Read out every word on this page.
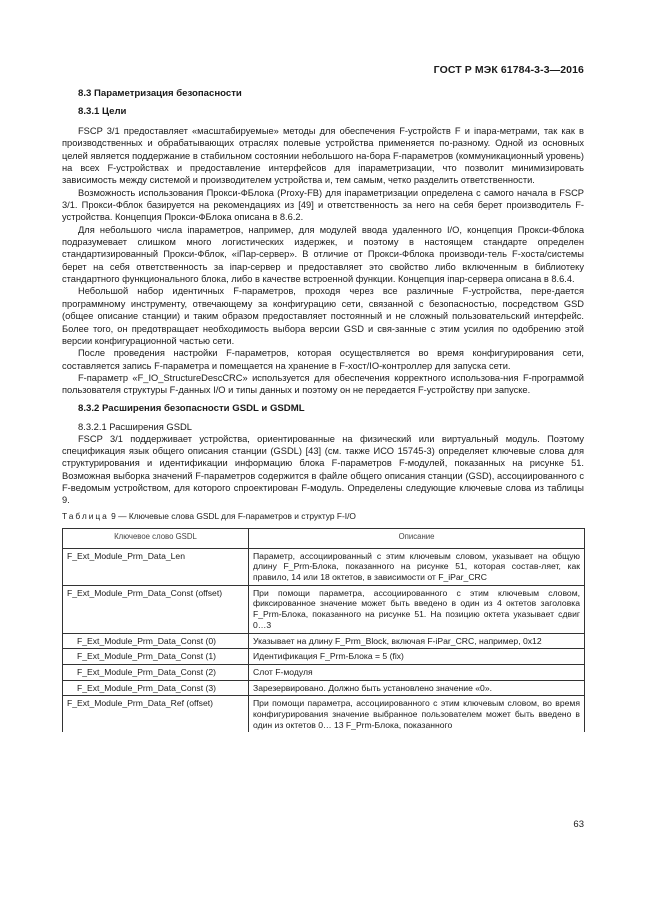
ГОСТ Р МЭК 61784-3-3—2016
8.3 Параметризация безопасности
8.3.1 Цели

FSCP 3/1 предоставляет «масштабируемые» методы для обеспечения F-устройств F и iпара-метрами, так как в производственных и обрабатывающих отраслях полевые устройства применяется по-разному. Одной из основных целей является поддержание в стабильном состоянии небольшого на-бора F-параметров (коммуникационный уровень) на всех F-устройствах и предоставление интерфейсов для iпараметризации, что позволит минимизировать зависимость между системой и производителем устройства и, тем самым, четко разделить ответственности.

Возможность использования Прокси-ФБлока (Proxy-FB) для iпараметризации определена с самого начала в FSCP 3/1. Прокси-Фблок базируется на рекомендациях из [49] и ответственность за него на себя берет производитель F-устройства. Концепция Прокси-ФБлока описана в 8.6.2.

Для небольшого числа iпараметров, например, для модулей ввода удаленного I/O, концепция Прокси-Фблока подразумевает слишком много логистических издержек, и поэтому в настоящем стандарте определен стандартизированный Прокси-Фблок, «iПар-сервер». В отличие от Прокси-Фблока производи-тель F-хоста/системы берет на себя ответственность за iпар-сервер и предоставляет это свойство либо включенным в библиотеку стандартного функционального блока, либо в качестве встроенной функции. Концепция iпар-сервера описана в 8.6.4.

Небольшой набор идентичных F-параметров, проходя через все различные F-устройства, пере-дается программному инструменту, отвечающему за конфигурацию сети, связанной с безопасностью, посредством GSD (общее описание станции) и таким образом предоставляет постоянный и не сложный пользовательский интерфейс. Более того, он предотвращает необходимость выбора версии GSD и свя-занные с этим усилия по одобрению этой версии конфигурационной частью сети.

После проведения настройки F-параметров, которая осуществляется во время конфигурирования сети, составляется запись F-параметра и помещается на хранение в F-хост/IO-контроллер для запуска сети.

F-параметр «F_IO_StructureDescCRC» используется для обеспечения корректного использова-ния F-программой пользователя структуры F-данных I/O и типы данных и поэтому он не передается F-устройству при запуске.

8.3.2 Расширения безопасности GSDL и GSDML
8.3.2.1 Расширения GSDL

FSCP 3/1 поддерживает устройства, ориентированные на физический или виртуальный модуль. Поэтому спецификация язык общего описания станции (GSDL) [43] (см. также ИСО 15745-3) определяет ключевые слова для структурирования и идентификации информацию блока F-параметров F-модулей, показанных на рисунке 51. Возможная выборка значений F-параметров содержится в файле общего описания станции (GSD), ассоциированного с F-ведомым устройством, для которого спроектирован F-модуль. Определены следующие ключевые слова из таблицы 9.

Таблица 9 — Ключевые слова GSDL для F-параметров и структур F-I/O
Ключевое слово GSDL	Описание
F_Ext_Module_Prm_Data_Len	Параметр, ассоциированный с этим ключевым словом, указывает на общую длину F_Prm-Блока, показанного на рисунке 51, которая состав-ляет, как правило, 14 или 18 октетов, в зависимости от F_iPar_CRC
F_Ext_Module_Prm_Data_Const (offset)	При помощи параметра, ассоциированного с этим ключевым словом, фиксированное значение может быть введено в один из 4 октетов заголовка F_Prm-Блока, показанного на рисунке 51. На позицию октета указывает сдвиг 0…3
F_Ext_Module_Prm_Data_Const (0)	Указывает на длину F_Prm_Block, включая F-iPar_CRC, например, 0x12
F_Ext_Module_Prm_Data_Const (1)	Идентификация F_Prm-Блока = 5 (fix)
F_Ext_Module_Prm_Data_Const (2)	Слот F-модуля
F_Ext_Module_Prm_Data_Const (3)	Зарезервировано. Должно быть установлено значение «0».
F_Ext_Module_Prm_Data_Ref (offset)	При помощи параметра, ассоциированного с этим ключевым словом, во время конфигурирования значение выбранное пользователем может быть введено в один из октетов 0… 13 F_Prm-Блока, показанного
63
